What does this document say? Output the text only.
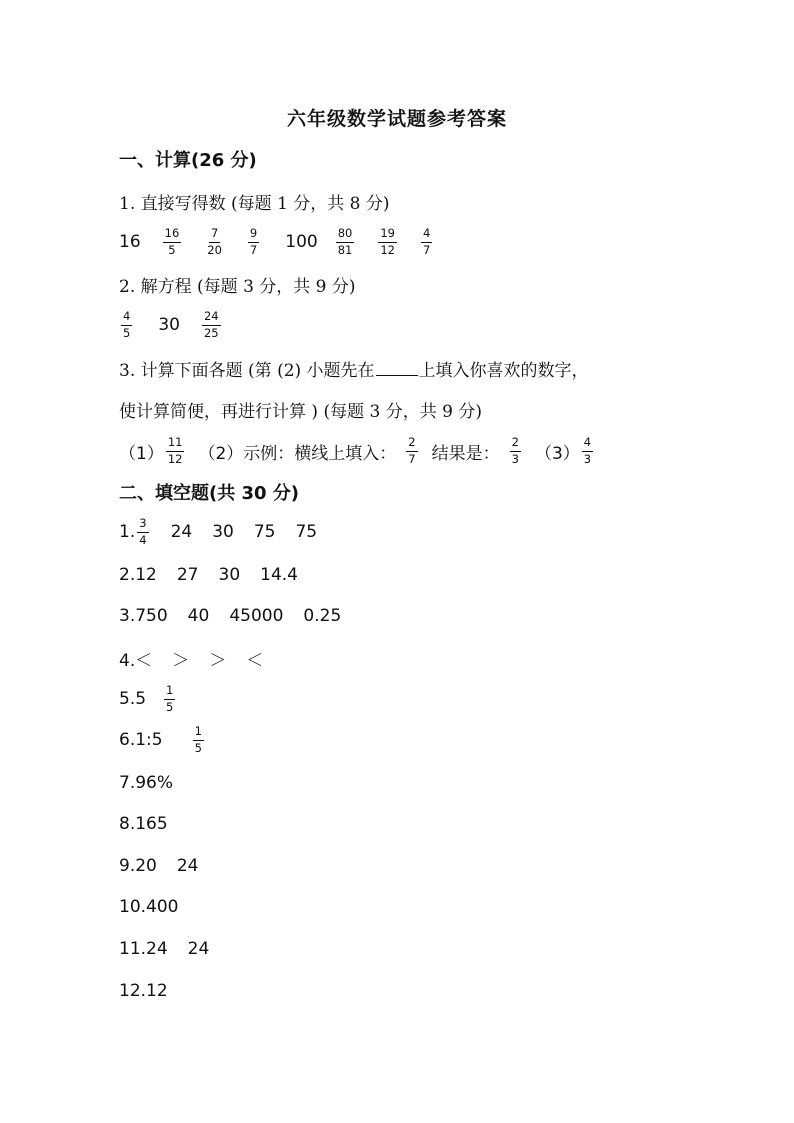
六年级数学试题参考答案
一、计算(26 分)
1. 直接写得数 (每题 1 分，共 8 分)
$16 \frac{16}{5} \frac{7}{20} \frac{9}{7} 100 \frac{80}{81} \frac{19}{12} \frac{4}{7}$
2. 解方程 (每题 3 分，共 9 分)
$\frac{4}{5} 30 \frac{24}{25}$
3. 计算下面各题 (第 (2) 小题先在	上填入你喜欢的数字，
使计算简便，再进行计算 ) (每题 3 分，共 9 分)
$(1) \frac{11}{12} (2)$示例：横线上填入： $\frac{2}{7}$ 结果是： $\frac{2}{3} (3) \frac{4}{3}$
二、填空题(共 30 分)
1. $\frac{3}{4} 24$ 30 75 75
2.12 27 30 14.4
3.750 40 45000 0.25
4.＜ ＞ ＞ ＜
$5.5 \frac{1}{5}$
6.1:5	$\frac{1}{5}$
7.96%
8.165
9.20 24
10.400
11.24 24
12.12
